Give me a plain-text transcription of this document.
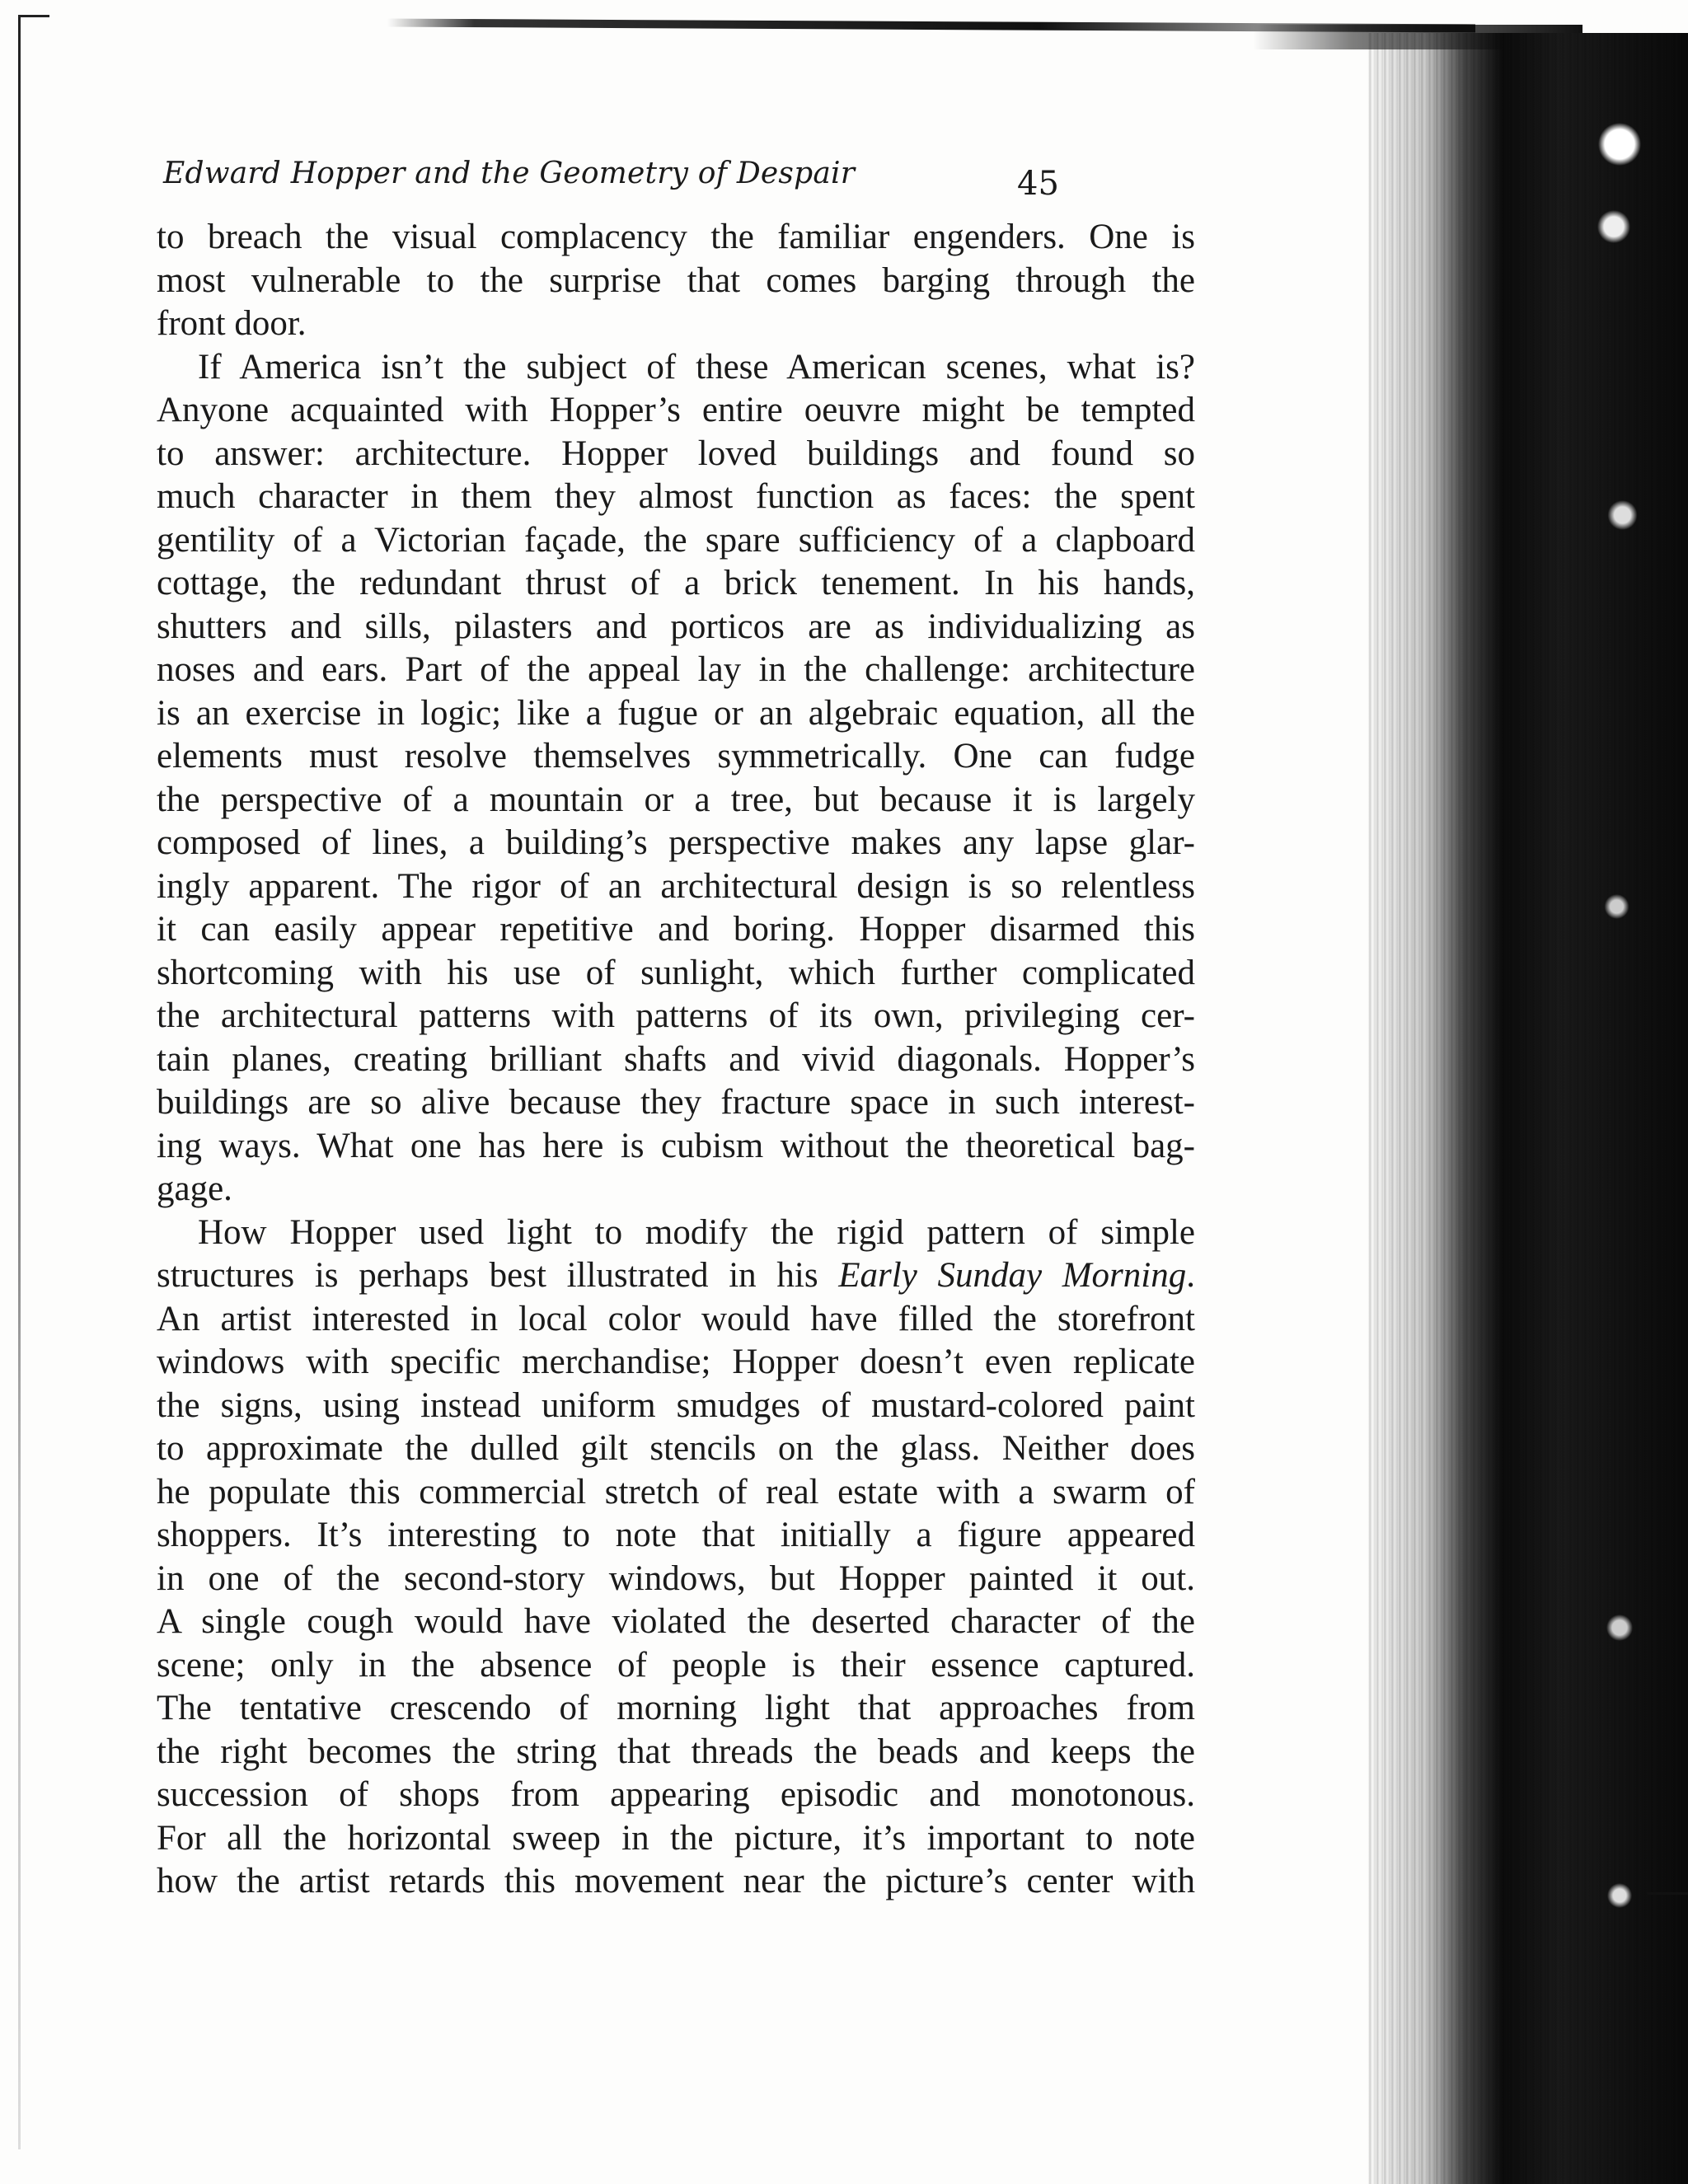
Edward Hopper and the Geometry of Despair	45
to breach the visual complacency the familiar engenders. One is
most vulnerable to the surprise that comes barging through the
front door.
If America isn’t the subject of these American scenes, what is?
Anyone acquainted with Hopper’s entire oeuvre might be tempted
to answer: architecture. Hopper loved buildings and found so
much character in them they almost function as faces: the spent
gentility of a Victorian façade, the spare sufficiency of a clapboard
cottage, the redundant thrust of a brick tenement. In his hands,
shutters and sills, pilasters and porticos are as individualizing as
noses and ears. Part of the appeal lay in the challenge: architecture
is an exercise in logic; like a fugue or an algebraic equation, all the
elements must resolve themselves symmetrically. One can fudge
the perspective of a mountain or a tree, but because it is largely
composed of lines, a building’s perspective makes any lapse glar-
ingly apparent. The rigor of an architectural design is so relentless
it can easily appear repetitive and boring. Hopper disarmed this
shortcoming with his use of sunlight, which further complicated
the architectural patterns with patterns of its own, privileging cer-
tain planes, creating brilliant shafts and vivid diagonals. Hopper’s
buildings are so alive because they fracture space in such interest-
ing ways. What one has here is cubism without the theoretical bag-
gage.
How Hopper used light to modify the rigid pattern of simple
structures is perhaps best illustrated in his Early Sunday Morning.
An artist interested in local color would have filled the storefront
windows with specific merchandise; Hopper doesn’t even replicate
the signs, using instead uniform smudges of mustard-colored paint
to approximate the dulled gilt stencils on the glass. Neither does
he populate this commercial stretch of real estate with a swarm of
shoppers. It’s interesting to note that initially a figure appeared
in one of the second-story windows, but Hopper painted it out.
A single cough would have violated the deserted character of the
scene; only in the absence of people is their essence captured.
The tentative crescendo of morning light that approaches from
the right becomes the string that threads the beads and keeps the
succession of shops from appearing episodic and monotonous.
For all the horizontal sweep in the picture, it’s important to note
how the artist retards this movement near the picture’s center with
